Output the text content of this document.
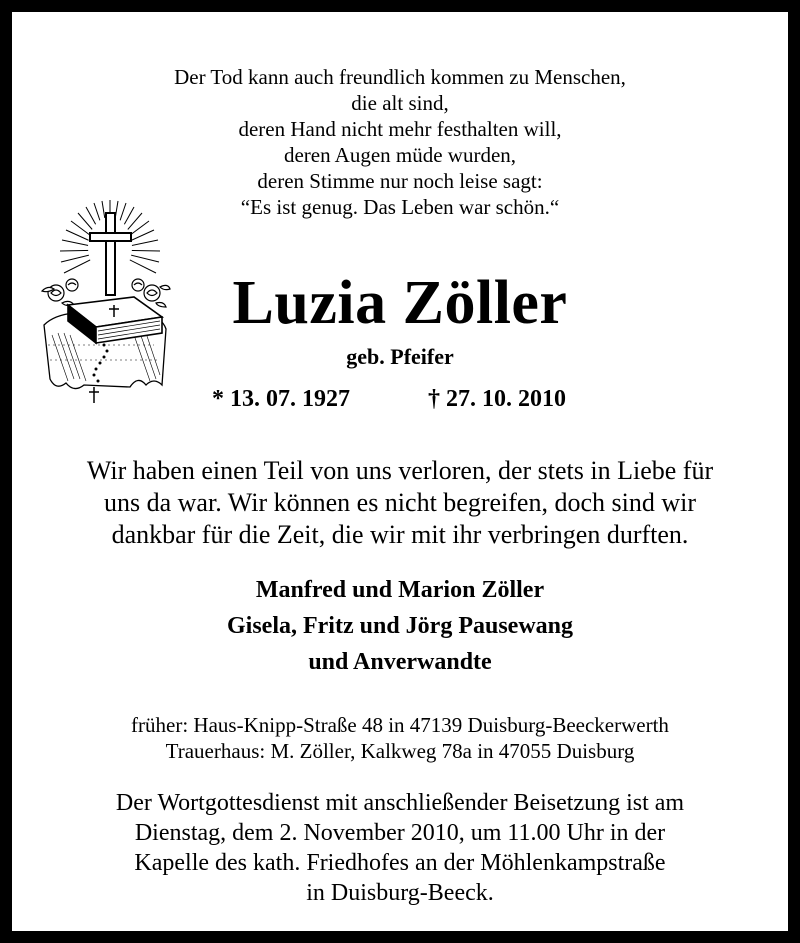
Der Tod kann auch freundlich kommen zu Menschen,
die alt sind,
deren Hand nicht mehr festhalten will,
deren Augen müde wurden,
deren Stimme nur noch leise sagt:
“Es ist genug. Das Leben war schön.“
Luzia Zöller
geb. Pfeifer
* 13. 07. 1927	† 27. 10. 2010
Wir haben einen Teil von uns verloren, der stets in Liebe für
uns da war. Wir können es nicht begreifen, doch sind wir
dankbar für die Zeit, die wir mit ihr verbringen durften.
Manfred und Marion Zöller
Gisela, Fritz und Jörg Pausewang
und Anverwandte
früher: Haus-Knipp-Straße 48 in 47139 Duisburg-Beeckerwerth
Trauerhaus: M. Zöller, Kalkweg 78a in 47055 Duisburg
Der Wortgottesdienst mit anschließender Beisetzung ist am
Dienstag, dem 2. November 2010, um 11.00 Uhr in der
Kapelle des kath. Friedhofes an der Möhlenkampstraße
in Duisburg-Beeck.
